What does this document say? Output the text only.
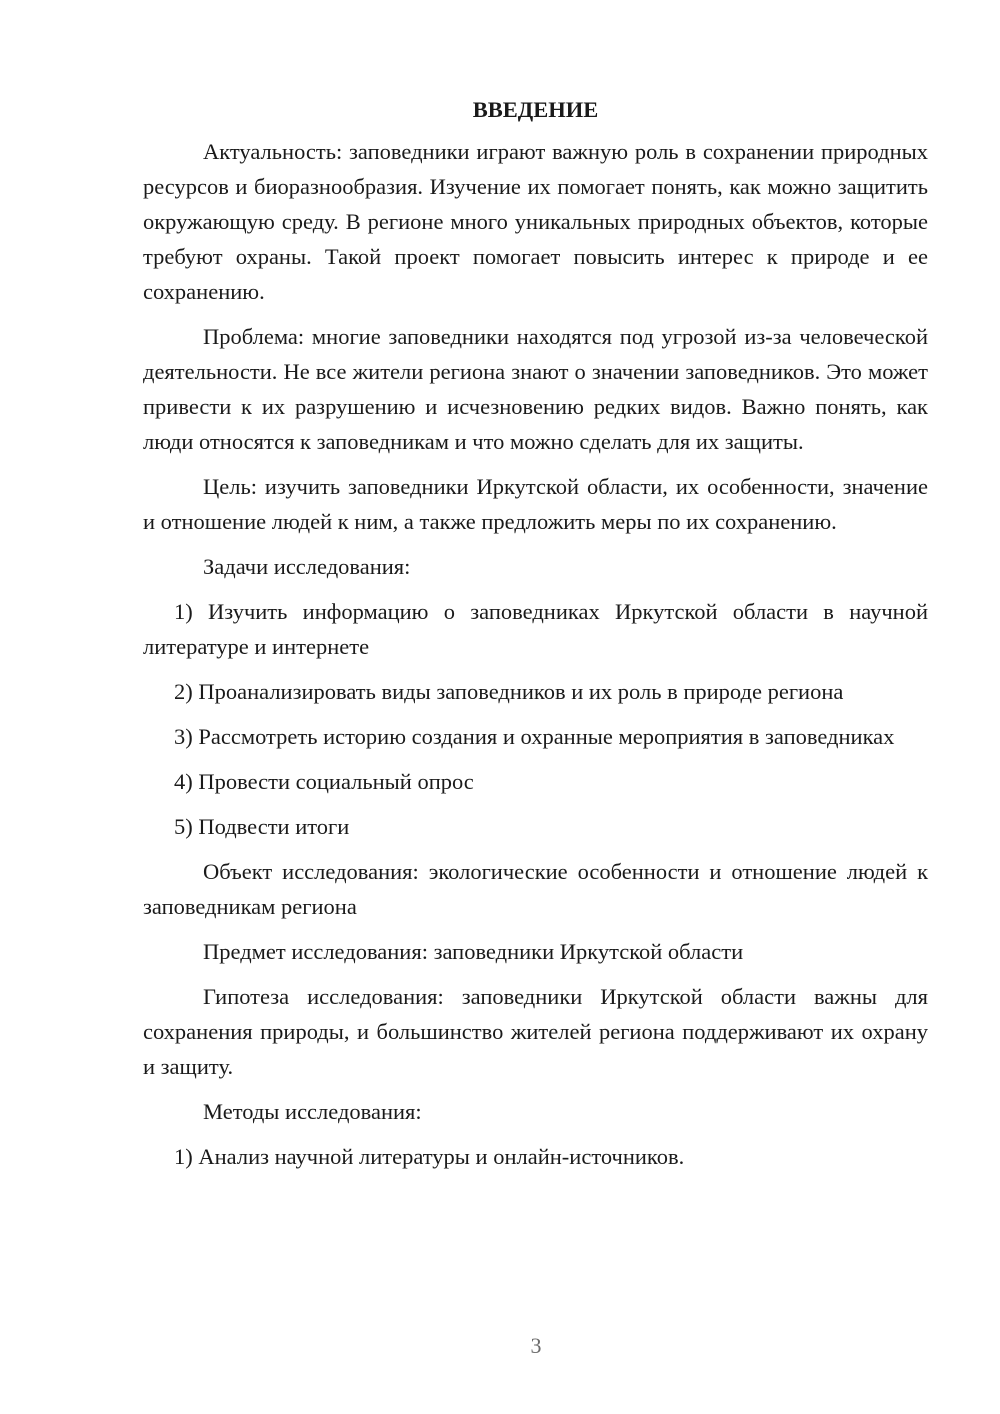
ВВЕДЕНИЕ

Актуальность: заповедники играют важную роль в сохранении природных ресурсов и биоразнообразия. Изучение их помогает понять, как можно защитить окружающую среду. В регионе много уникальных природных объектов, которые требуют охраны. Такой проект помогает повысить интерес к природе и ее сохранению.

Проблема: многие заповедники находятся под угрозой из-за человеческой деятельности. Не все жители региона знают о значении заповедников. Это может привести к их разрушению и исчезновению редких видов. Важно понять, как люди относятся к заповедникам и что можно сделать для их защиты.

Цель: изучить заповедники Иркутской области, их особенности, значение и отношение людей к ним, а также предложить меры по их сохранению.

Задачи исследования:

1) Изучить информацию о заповедниках Иркутской области в научной литературе и интернете

2) Проанализировать виды заповедников и их роль в природе региона

3) Рассмотреть историю создания и охранные мероприятия в заповедниках

4) Провести социальный опрос

5) Подвести итоги

Объект исследования: экологические особенности и отношение людей к заповедникам региона

Предмет исследования: заповедники Иркутской области

Гипотеза исследования: заповедники Иркутской области важны для сохранения природы, и большинство жителей региона поддерживают их охрану и защиту.

Методы исследования:

1) Анализ научной литературы и онлайн-источников.

3
